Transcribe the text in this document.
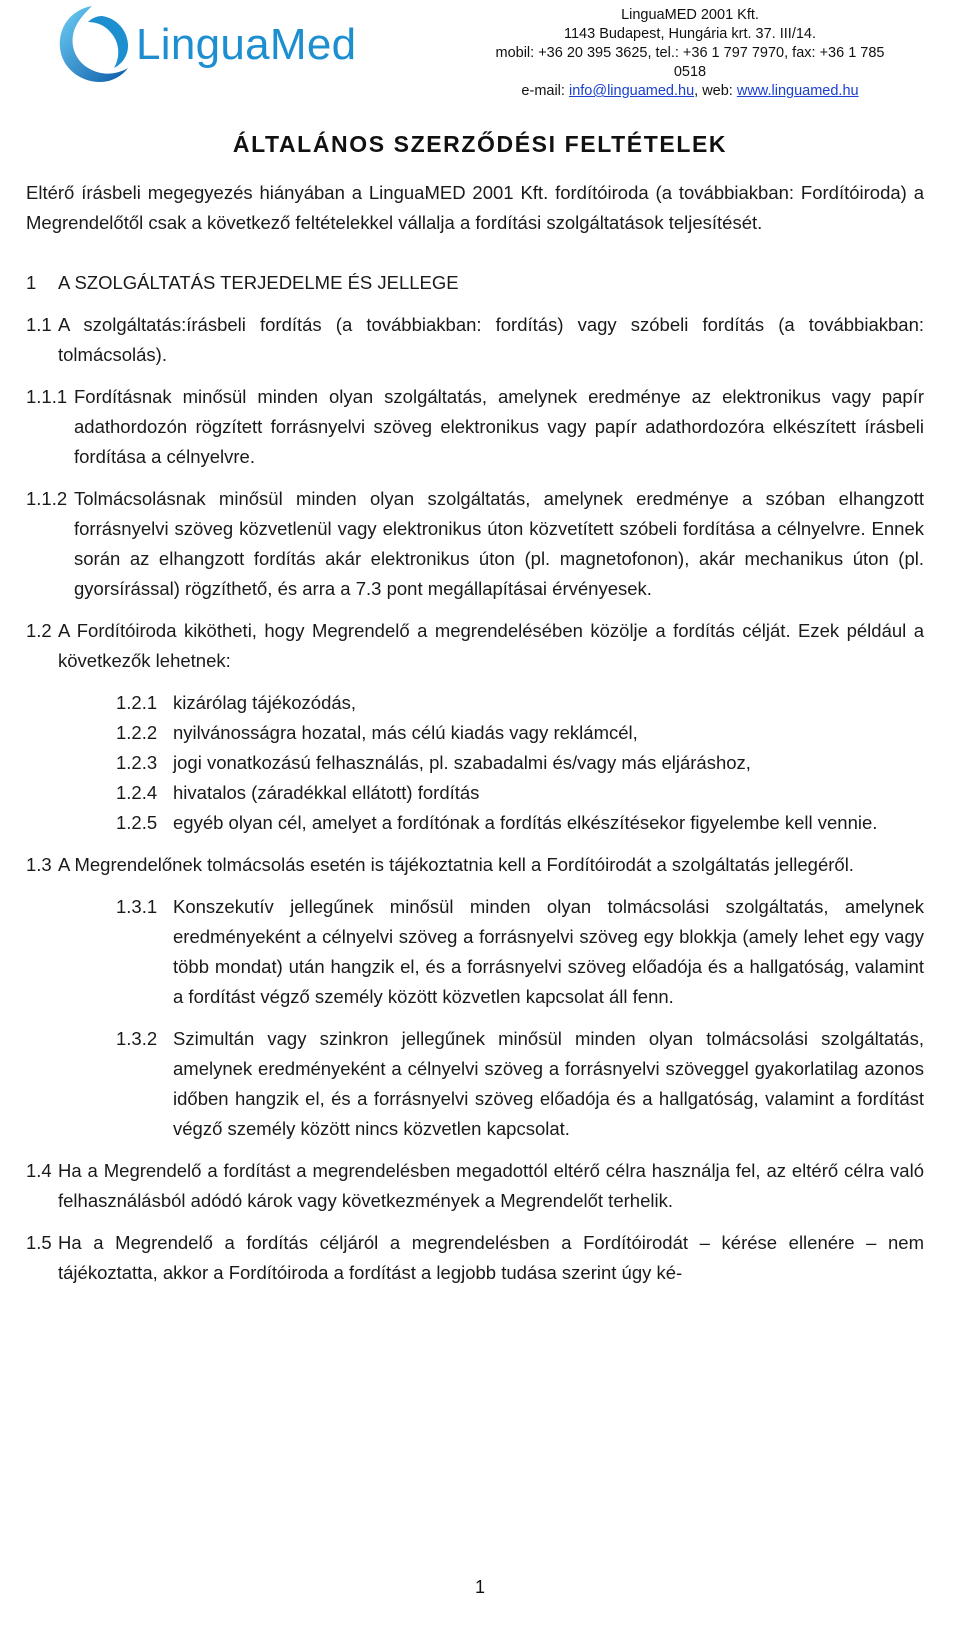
LinguaMed
LinguaMED 2001 Kft.
1143 Budapest, Hungária krt. 37. III/14.
mobil: +36 20 395 3625, tel.: +36 1 797 7970, fax: +36 1 785 0518
e-mail: info@linguamed.hu, web: www.linguamed.hu
ÁLTALÁNOS SZERZŐDÉSI FELTÉTELEK
Eltérő írásbeli megegyezés hiányában a LinguaMED 2001 Kft. fordítóiroda (a továbbiakban: Fordítóiroda) a Megrendelőtől csak a következő feltételekkel vállalja a fordítási szolgáltatások teljesítését.
1	A SZOLGÁLTATÁS TERJEDELME ÉS JELLEGE
1.1 A szolgáltatás:írásbeli fordítás (a továbbiakban: fordítás) vagy szóbeli fordítás (a továbbiakban: tolmácsolás).
1.1.1 Fordításnak minősül minden olyan szolgáltatás, amelynek eredménye az elektronikus vagy papír adathordozón rögzített forrásnyelvi szöveg elektronikus vagy papír adathordozóra elkészített írásbeli fordítása a célnyelvre.
1.1.2 Tolmácsolásnak minősül minden olyan szolgáltatás, amelynek eredménye a szóban elhangzott forrásnyelvi szöveg közvetlenül vagy elektronikus úton közvetített szóbeli fordítása a célnyelvre. Ennek során az elhangzott fordítás akár elektronikus úton (pl. magnetofonon), akár mechanikus úton (pl. gyorsírással) rögzíthető, és arra a 7.3 pont megállapításai érvényesek.
1.2 A Fordítóiroda kikötheti, hogy Megrendelő a megrendelésében közölje a fordítás célját. Ezek például a következők lehetnek:
1.2.1 kizárólag tájékozódás,
1.2.2 nyilvánosságra hozatal, más célú kiadás vagy reklámcél,
1.2.3 jogi vonatkozású felhasználás, pl. szabadalmi és/vagy más eljáráshoz,
1.2.4 hivatalos (záradékkal ellátott) fordítás
1.2.5 egyéb olyan cél, amelyet a fordítónak a fordítás elkészítésekor figyelembe kell vennie.
1.3 A Megrendelőnek tolmácsolás esetén is tájékoztatnia kell a Fordítóirodát a szolgáltatás jellegéről.
1.3.1 Konszekutív jellegűnek minősül minden olyan tolmácsolási szolgáltatás, amelynek eredményeként a célnyelvi szöveg a forrásnyelvi szöveg egy blokkja (amely lehet egy vagy több mondat) után hangzik el, és a forrásnyelvi szöveg előadója és a hallgatóság, valamint a fordítást végző személy között közvetlen kapcsolat áll fenn.
1.3.2 Szimultán vagy szinkron jellegűnek minősül minden olyan tolmácsolási szolgáltatás, amelynek eredményeként a célnyelvi szöveg a forrásnyelvi szöveggel gyakorlatilag azonos időben hangzik el, és a forrásnyelvi szöveg előadója és a hallgatóság, valamint a fordítást végző személy között nincs közvetlen kapcsolat.
1.4 Ha a Megrendelő a fordítást a megrendelésben megadottól eltérő célra használja fel, az eltérő célra való felhasználásból adódó károk vagy következmények a Megrendelőt terhelik.
1.5 Ha a Megrendelő a fordítás céljáról a megrendelésben a Fordítóirodát – kérése ellenére – nem tájékoztatta, akkor a Fordítóiroda a fordítást a legjobb tudása szerint úgy ké-
1
